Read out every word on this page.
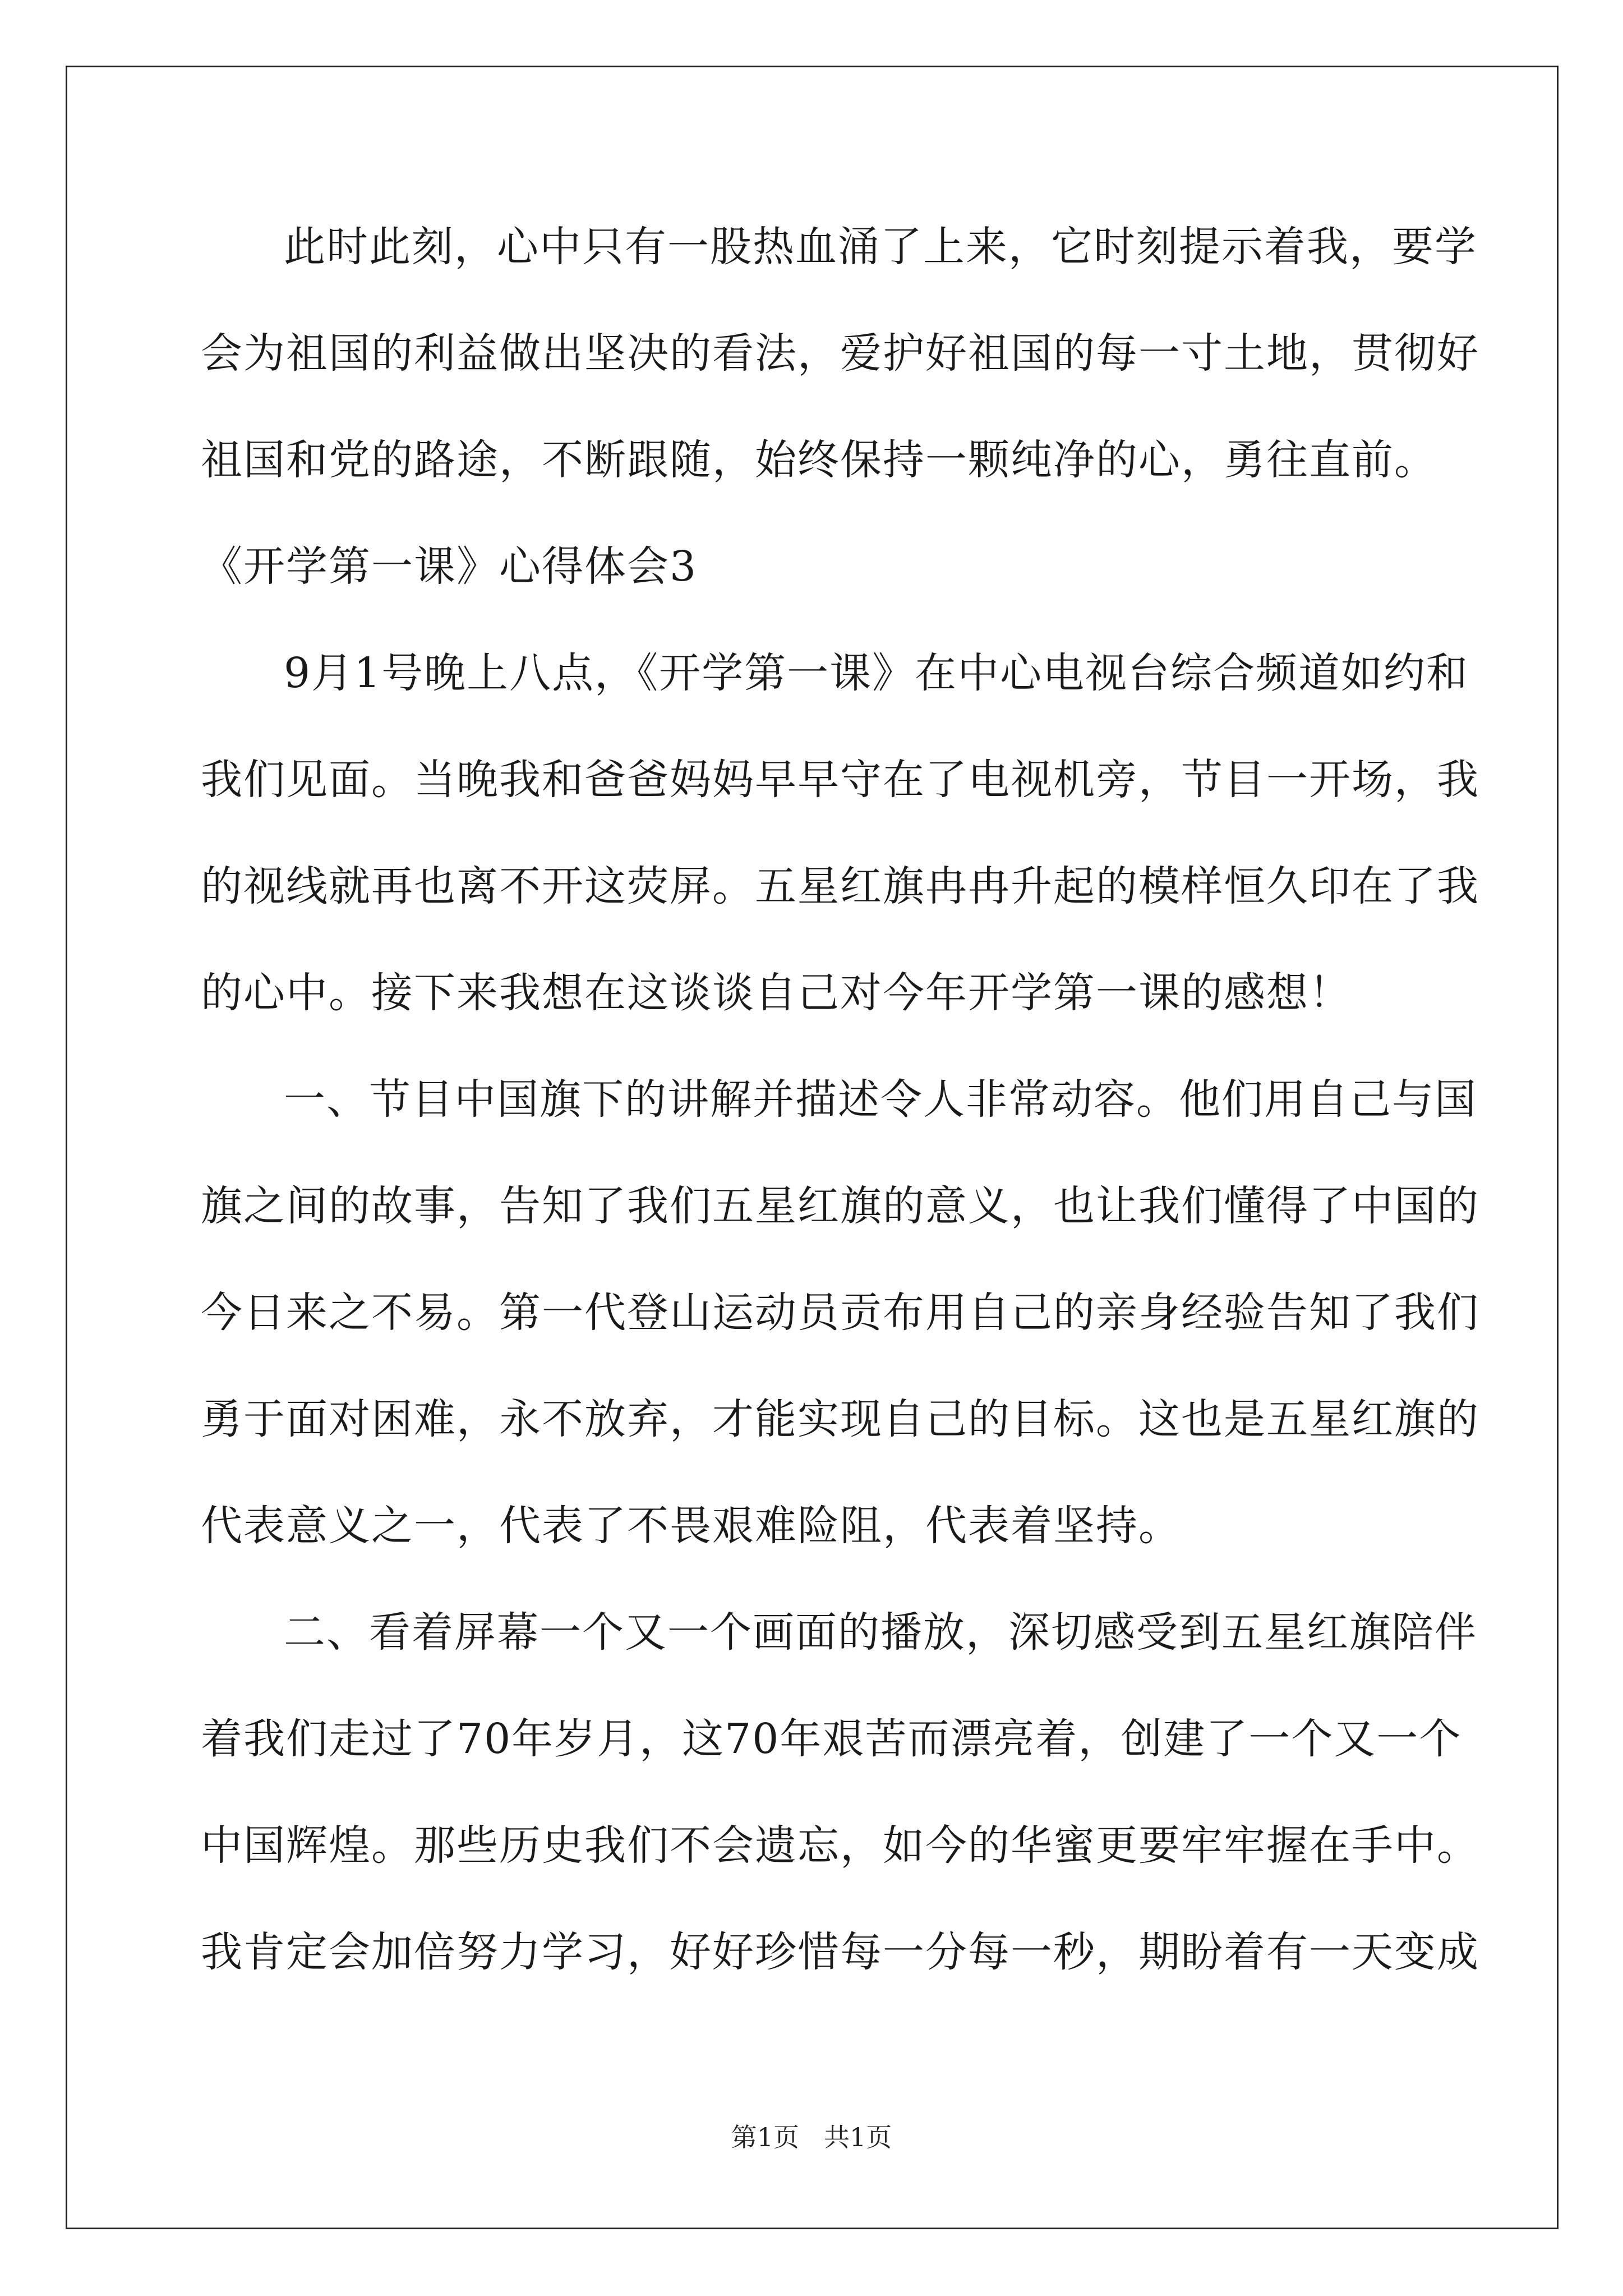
此时此刻，心中只有一股热血涌了上来，它时刻提示着我，要学
会为祖国的利益做出坚决的看法，爱护好祖国的每一寸土地，贯彻好
祖国和党的路途，不断跟随，始终保持一颗纯净的心，勇往直前。
《开学第一课》心得体会3
9月1号晚上八点，《开学第一课》在中心电视台综合频道如约和
我们见面。当晚我和爸爸妈妈早早守在了电视机旁，节目一开场，我
的视线就再也离不开这荧屏。五星红旗冉冉升起的模样恒久印在了我
的心中。接下来我想在这谈谈自己对今年开学第一课的感想！
一、节目中国旗下的讲解并描述令人非常动容。他们用自己与国
旗之间的故事，告知了我们五星红旗的意义，也让我们懂得了中国的
今日来之不易。第一代登山运动员贡布用自己的亲身经验告知了我们
勇于面对困难，永不放弃，才能实现自己的目标。这也是五星红旗的
代表意义之一，代表了不畏艰难险阻，代表着坚持。
二、看着屏幕一个又一个画面的播放，深切感受到五星红旗陪伴
着我们走过了70年岁月，这70年艰苦而漂亮着，创建了一个又一个
中国辉煌。那些历史我们不会遗忘，如今的华蜜更要牢牢握在手中。
我肯定会加倍努力学习，好好珍惜每一分每一秒，期盼着有一天变成
第1页 共1页
